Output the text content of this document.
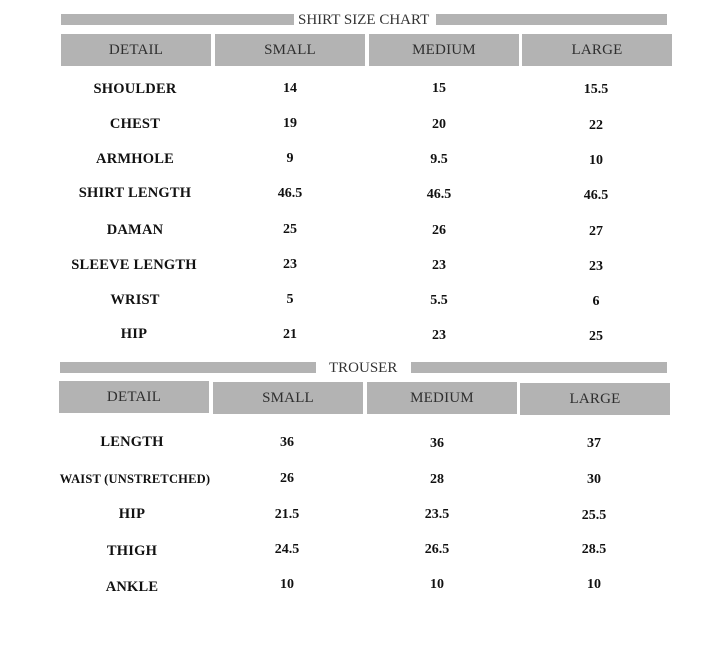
SHIRT SIZE CHART
DETAIL	SMALL	MEDIUM	LARGE
SHOULDER	14	15	15.5
CHEST	19	20	22
ARMHOLE	9	9.5	10
SHIRT LENGTH	46.5	46.5	46.5
DAMAN	25	26	27
SLEEVE LENGTH	23	23	23
WRIST	5	5.5	6
HIP	21	23	25
TROUSER
DETAIL	SMALL	MEDIUM	LARGE
LENGTH	36	36	37
WAIST (UNSTRETCHED)	26	28	30
HIP	21.5	23.5	25.5
THIGH	24.5	26.5	28.5
ANKLE	10	10	10
